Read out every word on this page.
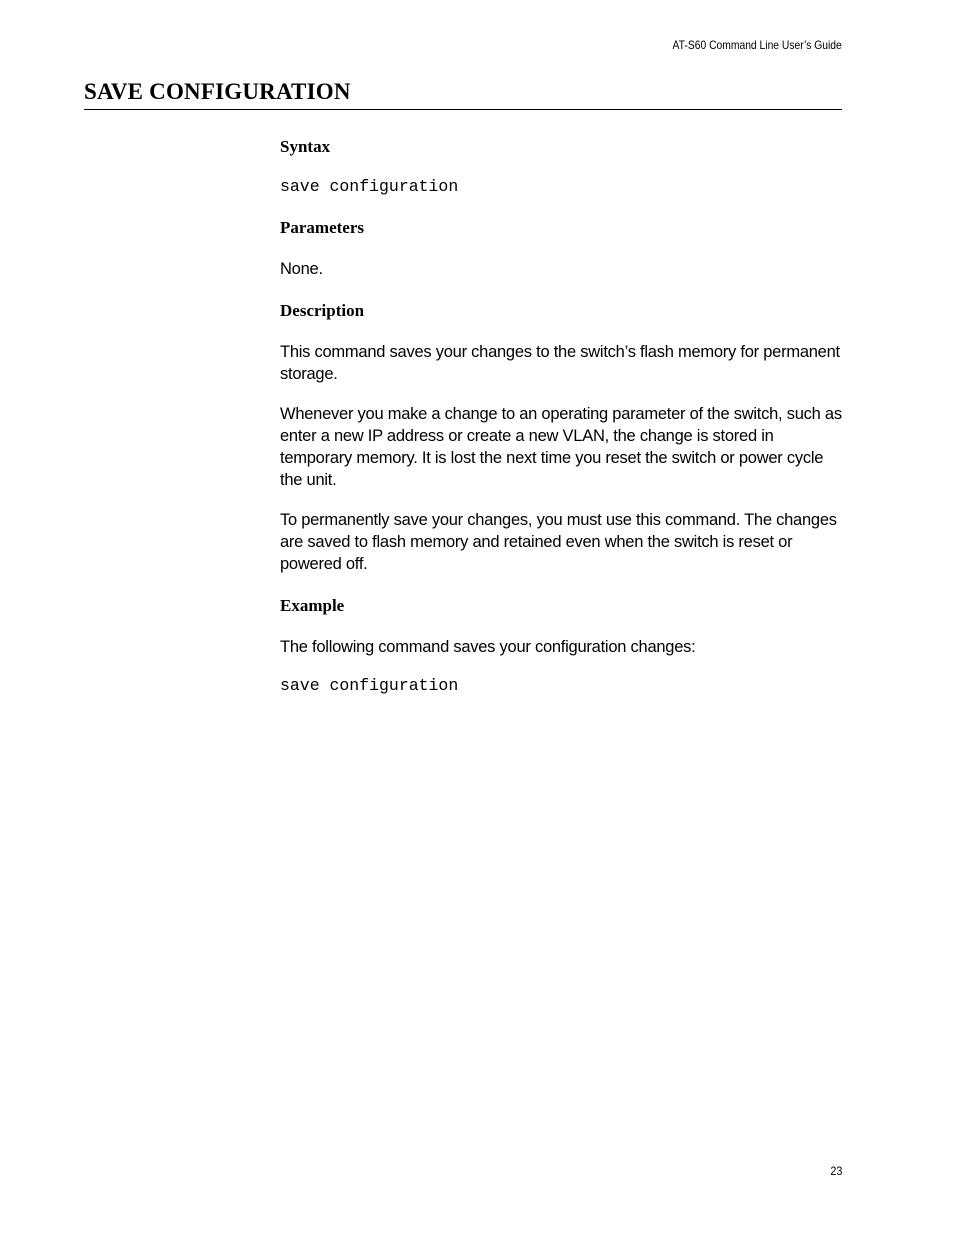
AT-S60 Command Line User’s Guide
SAVE CONFIGURATION
Syntax

save configuration

Parameters

None.

Description

This command saves your changes to the switch’s flash memory for permanent storage.

Whenever you make a change to an operating parameter of the switch, such as enter a new IP address or create a new VLAN, the change is stored in temporary memory. It is lost the next time you reset the switch or power cycle the unit.

To permanently save your changes, you must use this command. The changes are saved to flash memory and retained even when the switch is reset or powered off.

Example

The following command saves your configuration changes:

save configuration

23
